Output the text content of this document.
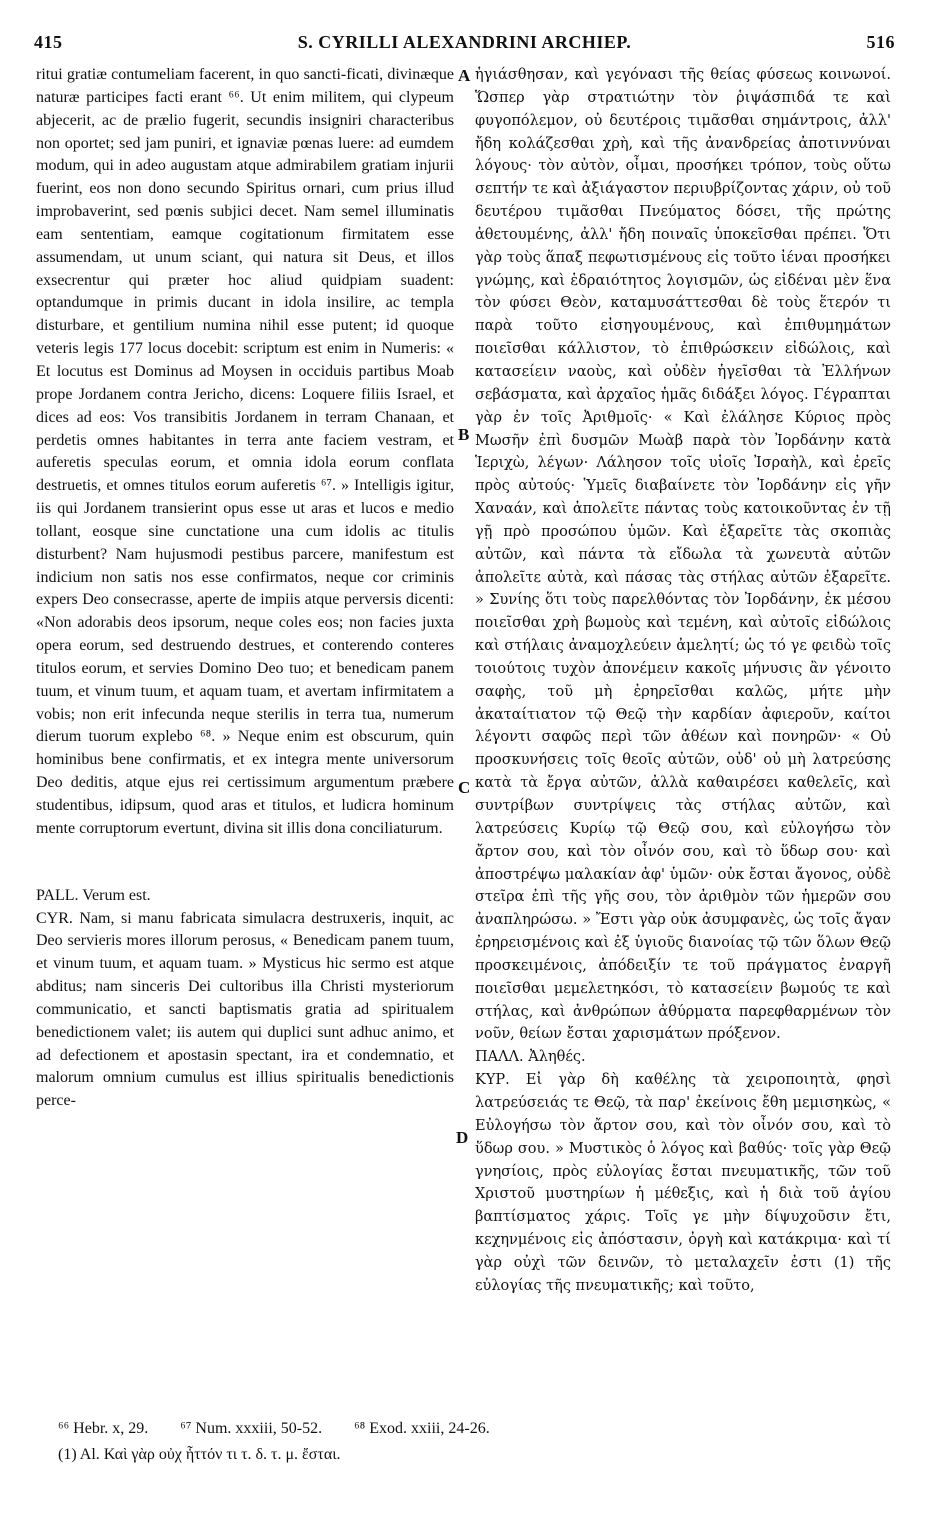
415	S. CYRILLI ALEXANDRINI ARCHIEP.	516

ritui gratiæ contumeliam facerent, in quo sancti-ficati, divinæque naturæ participes facti erant ⁶⁶. Ut enim militem, qui clypeum abjecerit, ac de prælio fugerit, secundis insigniri characteribus non oportet; sed jam puniri, et ignaviæ pœnas luere: ad eumdem modum, qui in adeo augustam atque admirabilem gratiam injurii fuerint, eos non dono secundo Spiritus ornari, cum prius illud improbaverint, sed pœnis subjici decet. Nam semel illuminatis eam sententiam, eamque cogitationum firmitatem esse assumendam, ut unum sciant, qui natura sit Deus, et illos exsecrentur qui præter hoc aliud quidpiam suadent: optandumque in primis ducant in idola insilire, ac templa disturbare, et gentilium numina nihil esse putent; id quoque veteris legis 177 locus docebit: scriptum est enim in Numeris: « Et locutus est Dominus ad Moysen in occiduis partibus Moab prope Jordanem contra Jericho, dicens: Loquere filiis Israel, et dices ad eos: Vos transibitis Jordanem in terram Chanaan, et perdetis omnes habitantes in terra ante faciem vestram, et auferetis speculas eorum, et omnia idola eorum conflata destruetis, et omnes titulos eorum auferetis ⁶⁷. » Intelligis igitur, iis qui Jordanem transierint opus esse ut aras et lucos e medio tollant, eosque sine cunctatione una cum idolis ac titulis disturbent? Nam hujusmodi pestibus parcere, manifestum est indicium non satis nos esse confirmatos, neque cor criminis expers Deo consecrasse, aperte de impiis atque perversis dicenti: «Non adorabis deos ipsorum, neque coles eos; non facies juxta opera eorum, sed destruendo destrues, et conterendo conteres titulos eorum, et servies Domino Deo tuo; et benedicam panem tuum, et vinum tuum, et aquam tuam, et avertam infirmitatem a vobis; non erit infecunda neque sterilis in terra tua, numerum dierum tuorum explebo ⁶⁸. » Neque enim est obscurum, quin hominibus bene confirmatis, et ex integra mente universorum Deo deditis, atque ejus rei certissimum argumentum præbere studentibus, idipsum, quod aras et titulos, et ludicra hominum mente corruptorum evertunt, divina sit illis dona conciliaturum.

PALL. Verum est.

CYR. Nam, si manu fabricata simulacra destruxeris, inquit, ac Deo servieris mores illorum perosus, « Benedicam panem tuum, et vinum tuum, et aquam tuam. » Mysticus hic sermo est atque abditus; nam sinceris Dei cultoribus illa Christi mysteriorum communicatio, et sancti baptismatis gratia ad spiritualem benedictionem valet; iis autem qui duplici sunt adhuc animo, et ad defectionem et apostasin spectant, ira et condemnatio, et malorum omnium cumulus est illius spiritualis benedictionis perce-

A
B
C
D

ἡγιάσθησαν, καὶ γεγόνασι τῆς θείας φύσεως κοινωνοί. Ὥσπερ γὰρ στρατιώτην τὸν ῥιψάσπιδά τε καὶ φυγοπόλεμον, οὐ δευτέροις τιμᾶσθαι σημάντροις, ἀλλ' ἤδη κολάζεσθαι χρὴ, καὶ τῆς ἀνανδρείας ἀποτιννύναι λόγους· τὸν αὐτὸν, οἶμαι, προσήκει τρόπον, τοὺς οὕτω σεπτήν τε καὶ ἀξιάγαστον περιυβρίζοντας χάριν, οὐ τοῦ δευτέρου τιμᾶσθαι Πνεύματος δόσει, τῆς πρώτης ἀθετουμένης, ἀλλ' ἤδη ποιναῖς ὑποκεῖσθαι πρέπει. Ὅτι γὰρ τοὺς ἅπαξ πεφωτισμένους εἰς τοῦτο ἰέναι προσήκει γνώμης, καὶ ἑδραιότητος λογισμῶν, ὡς εἰδέναι μὲν ἕνα τὸν φύσει Θεὸν, καταμυσάττεσθαι δὲ τοὺς ἕτερόν τι παρὰ τοῦτο εἰσηγουμένους, καὶ ἐπιθυμημάτων ποιεῖσθαι κάλλιστον, τὸ ἐπιθρώσκειν εἰδώλοις, καὶ κατασείειν ναοὺς, καὶ οὐδὲν ἡγεῖσθαι τὰ Ἑλλήνων σεβάσματα, καὶ ἀρχαῖος ἡμᾶς διδάξει λόγος. Γέγραπται γὰρ ἐν τοῖς Ἀριθμοῖς· « Καὶ ἐλάλησε Κύριος πρὸς Μωσῆν ἐπὶ δυσμῶν Μωὰβ παρὰ τὸν Ἰορδάνην κατὰ Ἱεριχὼ, λέγων· Λάλησον τοῖς υἱοῖς Ἰσραὴλ, καὶ ἐρεῖς πρὸς αὐτούς· Ὑμεῖς διαβαίνετε τὸν Ἰορδάνην εἰς γῆν Χαναάν, καὶ ἀπολεῖτε πάντας τοὺς κατοικοῦντας ἐν τῇ γῇ πρὸ προσώπου ὑμῶν. Καὶ ἐξαρεῖτε τὰς σκοπιὰς αὐτῶν, καὶ πάντα τὰ εἴδωλα τὰ χωνευτὰ αὐτῶν ἀπολεῖτε αὐτὰ, καὶ πάσας τὰς στήλας αὐτῶν ἐξαρεῖτε. » Συνίης ὅτι τοὺς παρελθόντας τὸν Ἰορδάνην, ἐκ μέσου ποιεῖσθαι χρὴ βωμοὺς καὶ τεμένη, καὶ αὐτοῖς εἰδώλοις καὶ στήλαις ἀναμοχλεύειν ἀμελητί; ὡς τό γε φειδὼ τοῖς τοιούτοις τυχὸν ἀπονέμειν κακοῖς μήνυσις ἂν γένοιτο σαφὴς, τοῦ μὴ ἐρηρεῖσθαι καλῶς, μήτε μὴν ἀκαταίτιατον τῷ Θεῷ τὴν καρδίαν ἀφιεροῦν, καίτοι λέγοντι σαφῶς περὶ τῶν ἀθέων καὶ πονηρῶν· « Οὐ προσκυνήσεις τοῖς θεοῖς αὐτῶν, οὐδ' οὐ μὴ λατρεύσης κατὰ τὰ ἔργα αὐτῶν, ἀλλὰ καθαιρέσει καθελεῖς, καὶ συντρίβων συντρίψεις τὰς στήλας αὐτῶν, καὶ λατρεύσεις Κυρίῳ τῷ Θεῷ σου, καὶ εὐλογήσω τὸν ἄρτον σου, καὶ τὸν οἶνόν σου, καὶ τὸ ὕδωρ σου· καὶ ἀποστρέψω μαλακίαν ἀφ' ὑμῶν· οὐκ ἔσται ἄγονος, οὐδὲ στεῖρα ἐπὶ τῆς γῆς σου, τὸν ἀριθμὸν τῶν ἡμερῶν σου ἀναπληρώσω. » Ἔστι γὰρ οὐκ ἀσυμφανὲς, ὡς τοῖς ἄγαν ἐρηρεισμένοις καὶ ἐξ ὑγιοῦς διανοίας τῷ τῶν ὅλων Θεῷ προσκειμένοις, ἀπόδειξίν τε τοῦ πράγματος ἐναργῆ ποιεῖσθαι μεμελετηκόσι, τὸ κατασείειν βωμούς τε καὶ στήλας, καὶ ἀνθρώπων ἀθύρματα παρεφθαρμένων τὸν νοῦν, θείων ἔσται χαρισμάτων πρόξενον.

ΠΑΛΛ. Ἀληθές.

ΚΥΡ. Εἰ γὰρ δὴ καθέλης τὰ χειροποιητὰ, φησὶ λατρεύσειάς τε Θεῷ, τὰ παρ' ἐκείνοις ἔθη μεμισηκὼς, « Εὐλογήσω τὸν ἄρτον σου, καὶ τὸν οἶνόν σου, καὶ τὸ ὕδωρ σου. » Μυστικὸς ὁ λόγος καὶ βαθύς· τοῖς γὰρ Θεῷ γνησίοις, πρὸς εὐλογίας ἔσται πνευματικῆς, τῶν τοῦ Χριστοῦ μυστηρίων ἡ μέθεξις, καὶ ἡ διὰ τοῦ ἁγίου βαπτίσματος χάρις. Τοῖς γε μὴν δίψυχοῦσιν ἔτι, κεχηνμένοις εἰς ἀπόστασιν, ὀργὴ καὶ κατάκριμα· καὶ τί γὰρ οὐχὶ τῶν δεινῶν, τὸ μεταλαχεῖν ἐστι (1) τῆς εὐλογίας τῆς πνευματικῆς; καὶ τοῦτο,

⁶⁶ Hebr. x, 29. ⁶⁷ Num. xxxiii, 50-52. ⁶⁸ Exod. xxiii, 24-26.
(1) Al. Καὶ γὰρ οὐχ ἧττόν τι τ. δ. τ. μ. ἔσται.
